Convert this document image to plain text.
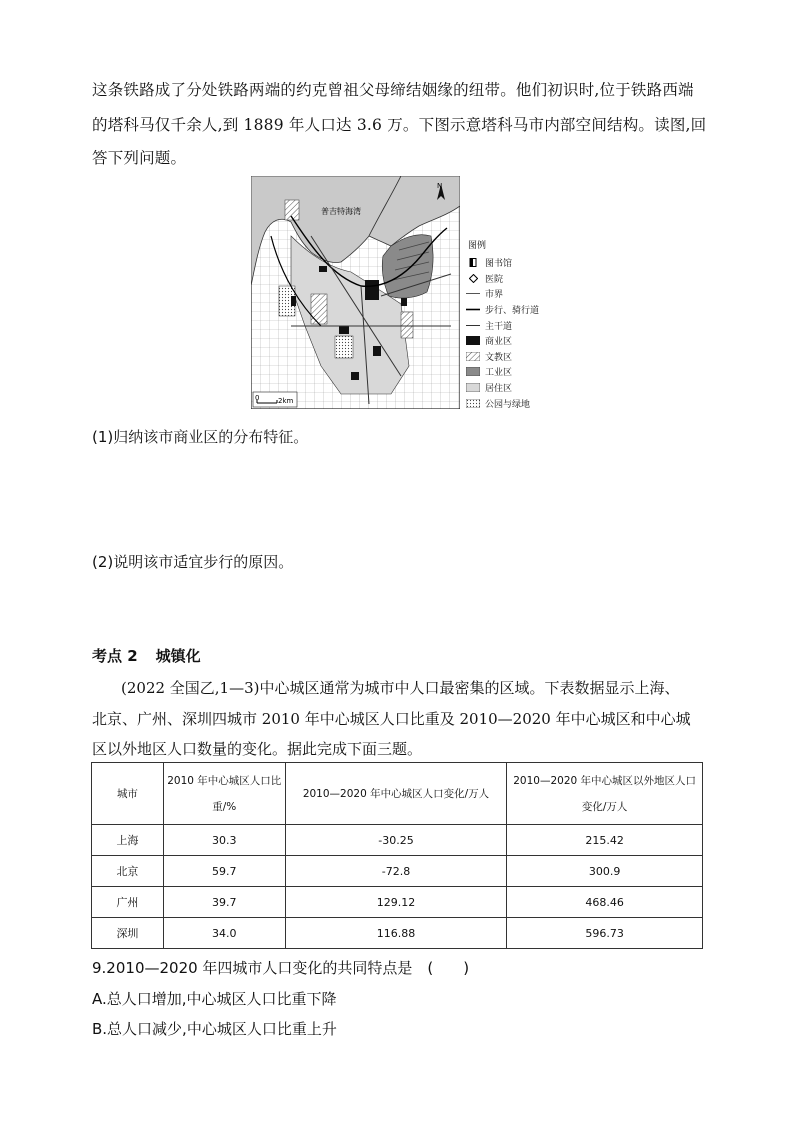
这条铁路成了分处铁路两端的约克曾祖父母缔结姻缘的纽带。他们初识时,位于铁路西端
的塔科马仅千余人,到 1889 年人口达 3.6 万。下图示意塔科马市内部空间结构。读图,回
答下列问题。
普吉特海湾
N
0	2km
图例
图书馆
医院
市界
步行、骑行道
主干道
商业区
文教区
工业区
居住区
公园与绿地
(1)归纳该市商业区的分布特征。
(2)说明该市适宜步行的原因。
考点 2 城镇化
(2022 全国乙,1—3)中心城区通常为城市中人口最密集的区域。下表数据显示上海、
北京、广州、深圳四城市 2010 年中心城区人口比重及 2010—2020 年中心城区和中心城
区以外地区人口数量的变化。据此完成下面三题。
城市	2010 年中心城区人口比
重/%	2010—2020 年中心城区人口变化/万人	2010—2020 年中心城区以外地区人口
变化/万人
上海	30.3	-30.25	215.42
北京	59.7	-72.8	300.9
广州	39.7	129.12	468.46
深圳	34.0	116.88	596.73
9.2010—2020 年四城市人口变化的共同特点是　(　　)
A.总人口增加,中心城区人口比重下降
B.总人口减少,中心城区人口比重上升
